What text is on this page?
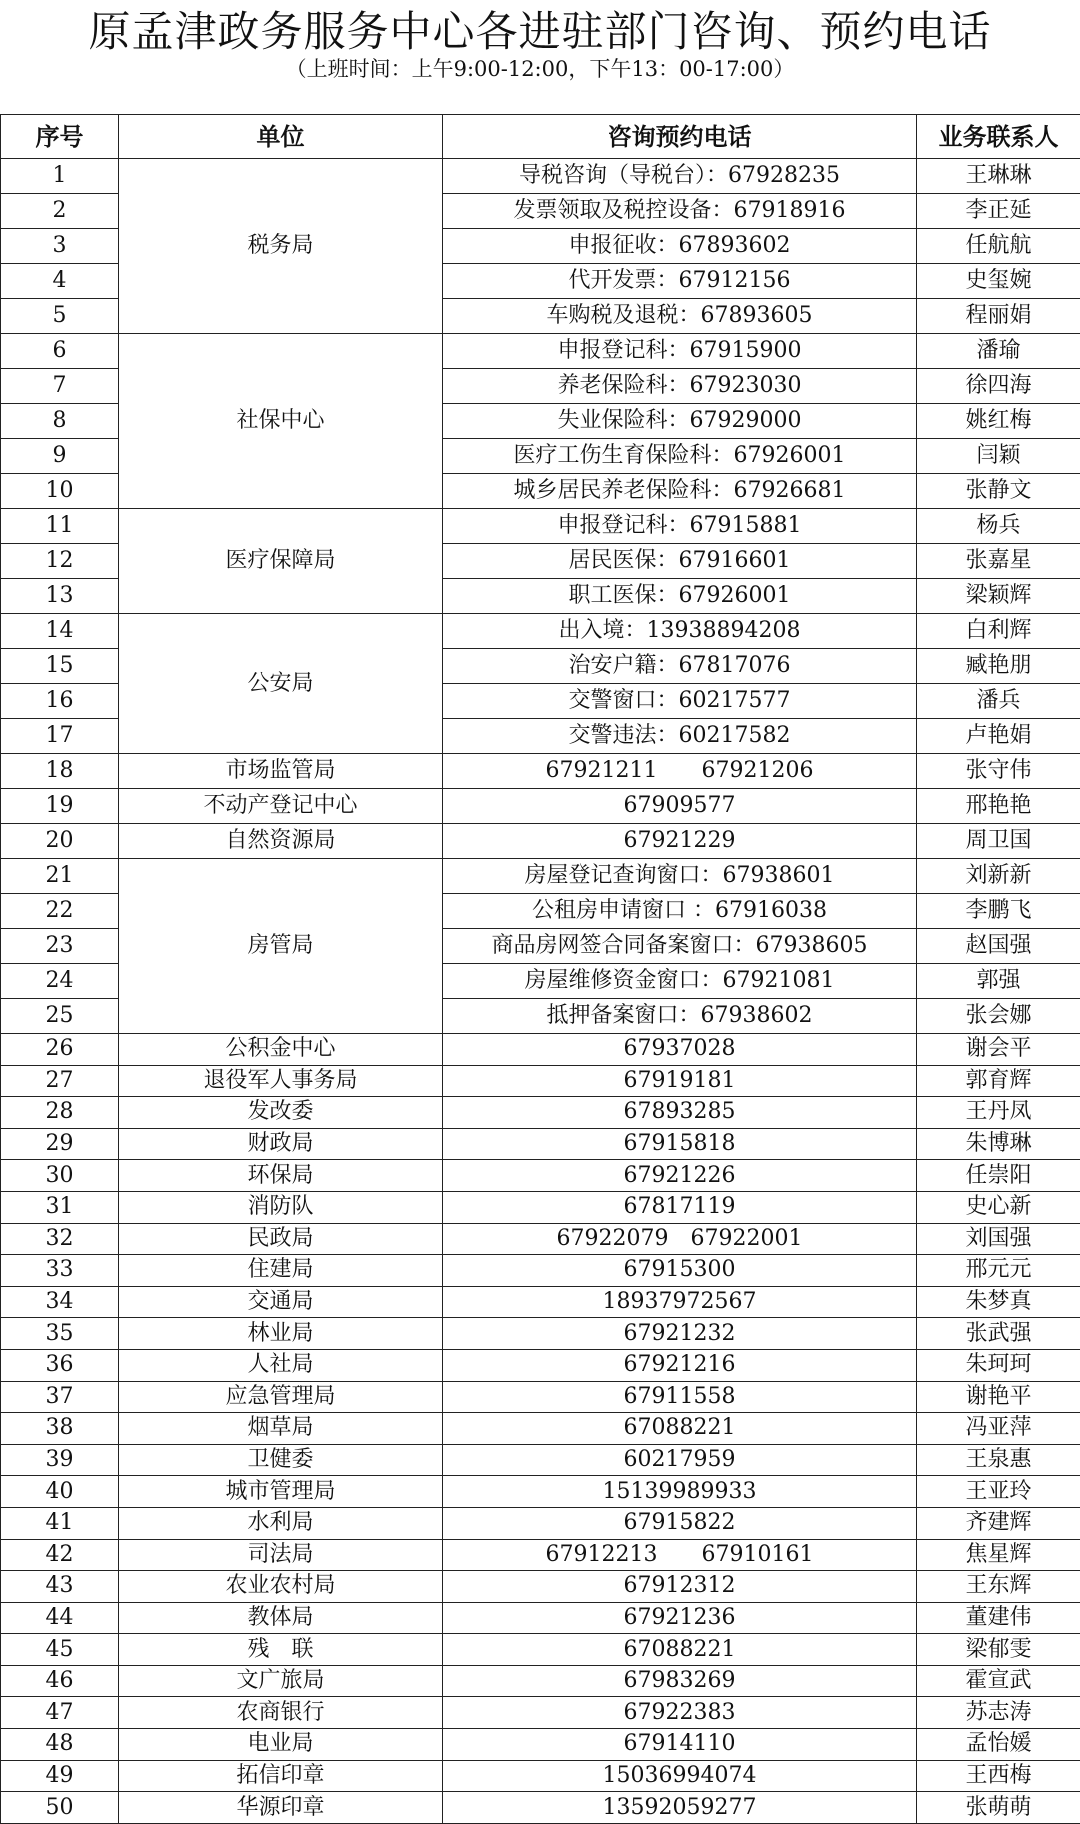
原孟津政务服务中心各进驻部门咨询、预约电话
（上班时间：上午9:00-12:00，下午13：00-17:00）
序号	单位	咨询预约电话	业务联系人
1	税务局	导税咨询（导税台）：67928235	王琳琳
2		发票领取及税控设备：67918916	李正延
3		申报征收：67893602	任航航
4		代开发票：67912156	史玺婉
5		车购税及退税：67893605	程丽娟
6	社保中心	申报登记科：67915900	潘瑜
7		养老保险科：67923030	徐四海
8		失业保险科：67929000	姚红梅
9		医疗工伤生育保险科：67926001	闫颖
10		城乡居民养老保险科：67926681	张静文
11	医疗保障局	申报登记科：67915881	杨兵
12		居民医保：67916601	张嘉星
13		职工医保：67926001	梁颖辉
14	公安局	出入境：13938894208	白利辉
15		治安户籍：67817076	臧艳朋
16		交警窗口：60217577	潘兵
17		交警违法：60217582	卢艳娟
18	市场监管局	67921211　　67921206	张守伟
19	不动产登记中心	67909577	邢艳艳
20	自然资源局	67921229	周卫国
21	房管局	房屋登记查询窗口：67938601	刘新新
22		公租房申请窗口 ：67916038	李鹏飞
23		商品房网签合同备案窗口：67938605	赵国强
24		房屋维修资金窗口：67921081	郭强
25		抵押备案窗口：67938602	张会娜
26	公积金中心	67937028	谢会平
27	退役军人事务局	67919181	郭育辉
28	发改委	67893285	王丹凤
29	财政局	67915818	朱博琳
30	环保局	67921226	任崇阳
31	消防队	67817119	史心新
32	民政局	67922079　67922001	刘国强
33	住建局	67915300	邢元元
34	交通局	18937972567	朱梦真
35	林业局	67921232	张武强
36	人社局	67921216	朱珂珂
37	应急管理局	67911558	谢艳平
38	烟草局	67088221	冯亚萍
39	卫健委	60217959	王泉惠
40	城市管理局	15139989933	王亚玲
41	水利局	67915822	齐建辉
42	司法局	67912213　　67910161	焦星辉
43	农业农村局	67912312	王东辉
44	教体局	67921236	董建伟
45	残　联	67088221	梁郁雯
46	文广旅局	67983269	霍宣武
47	农商银行	67922383	苏志涛
48	电业局	67914110	孟怡媛
49	拓信印章	15036994074	王西梅
50	华源印章	13592059277	张萌萌
